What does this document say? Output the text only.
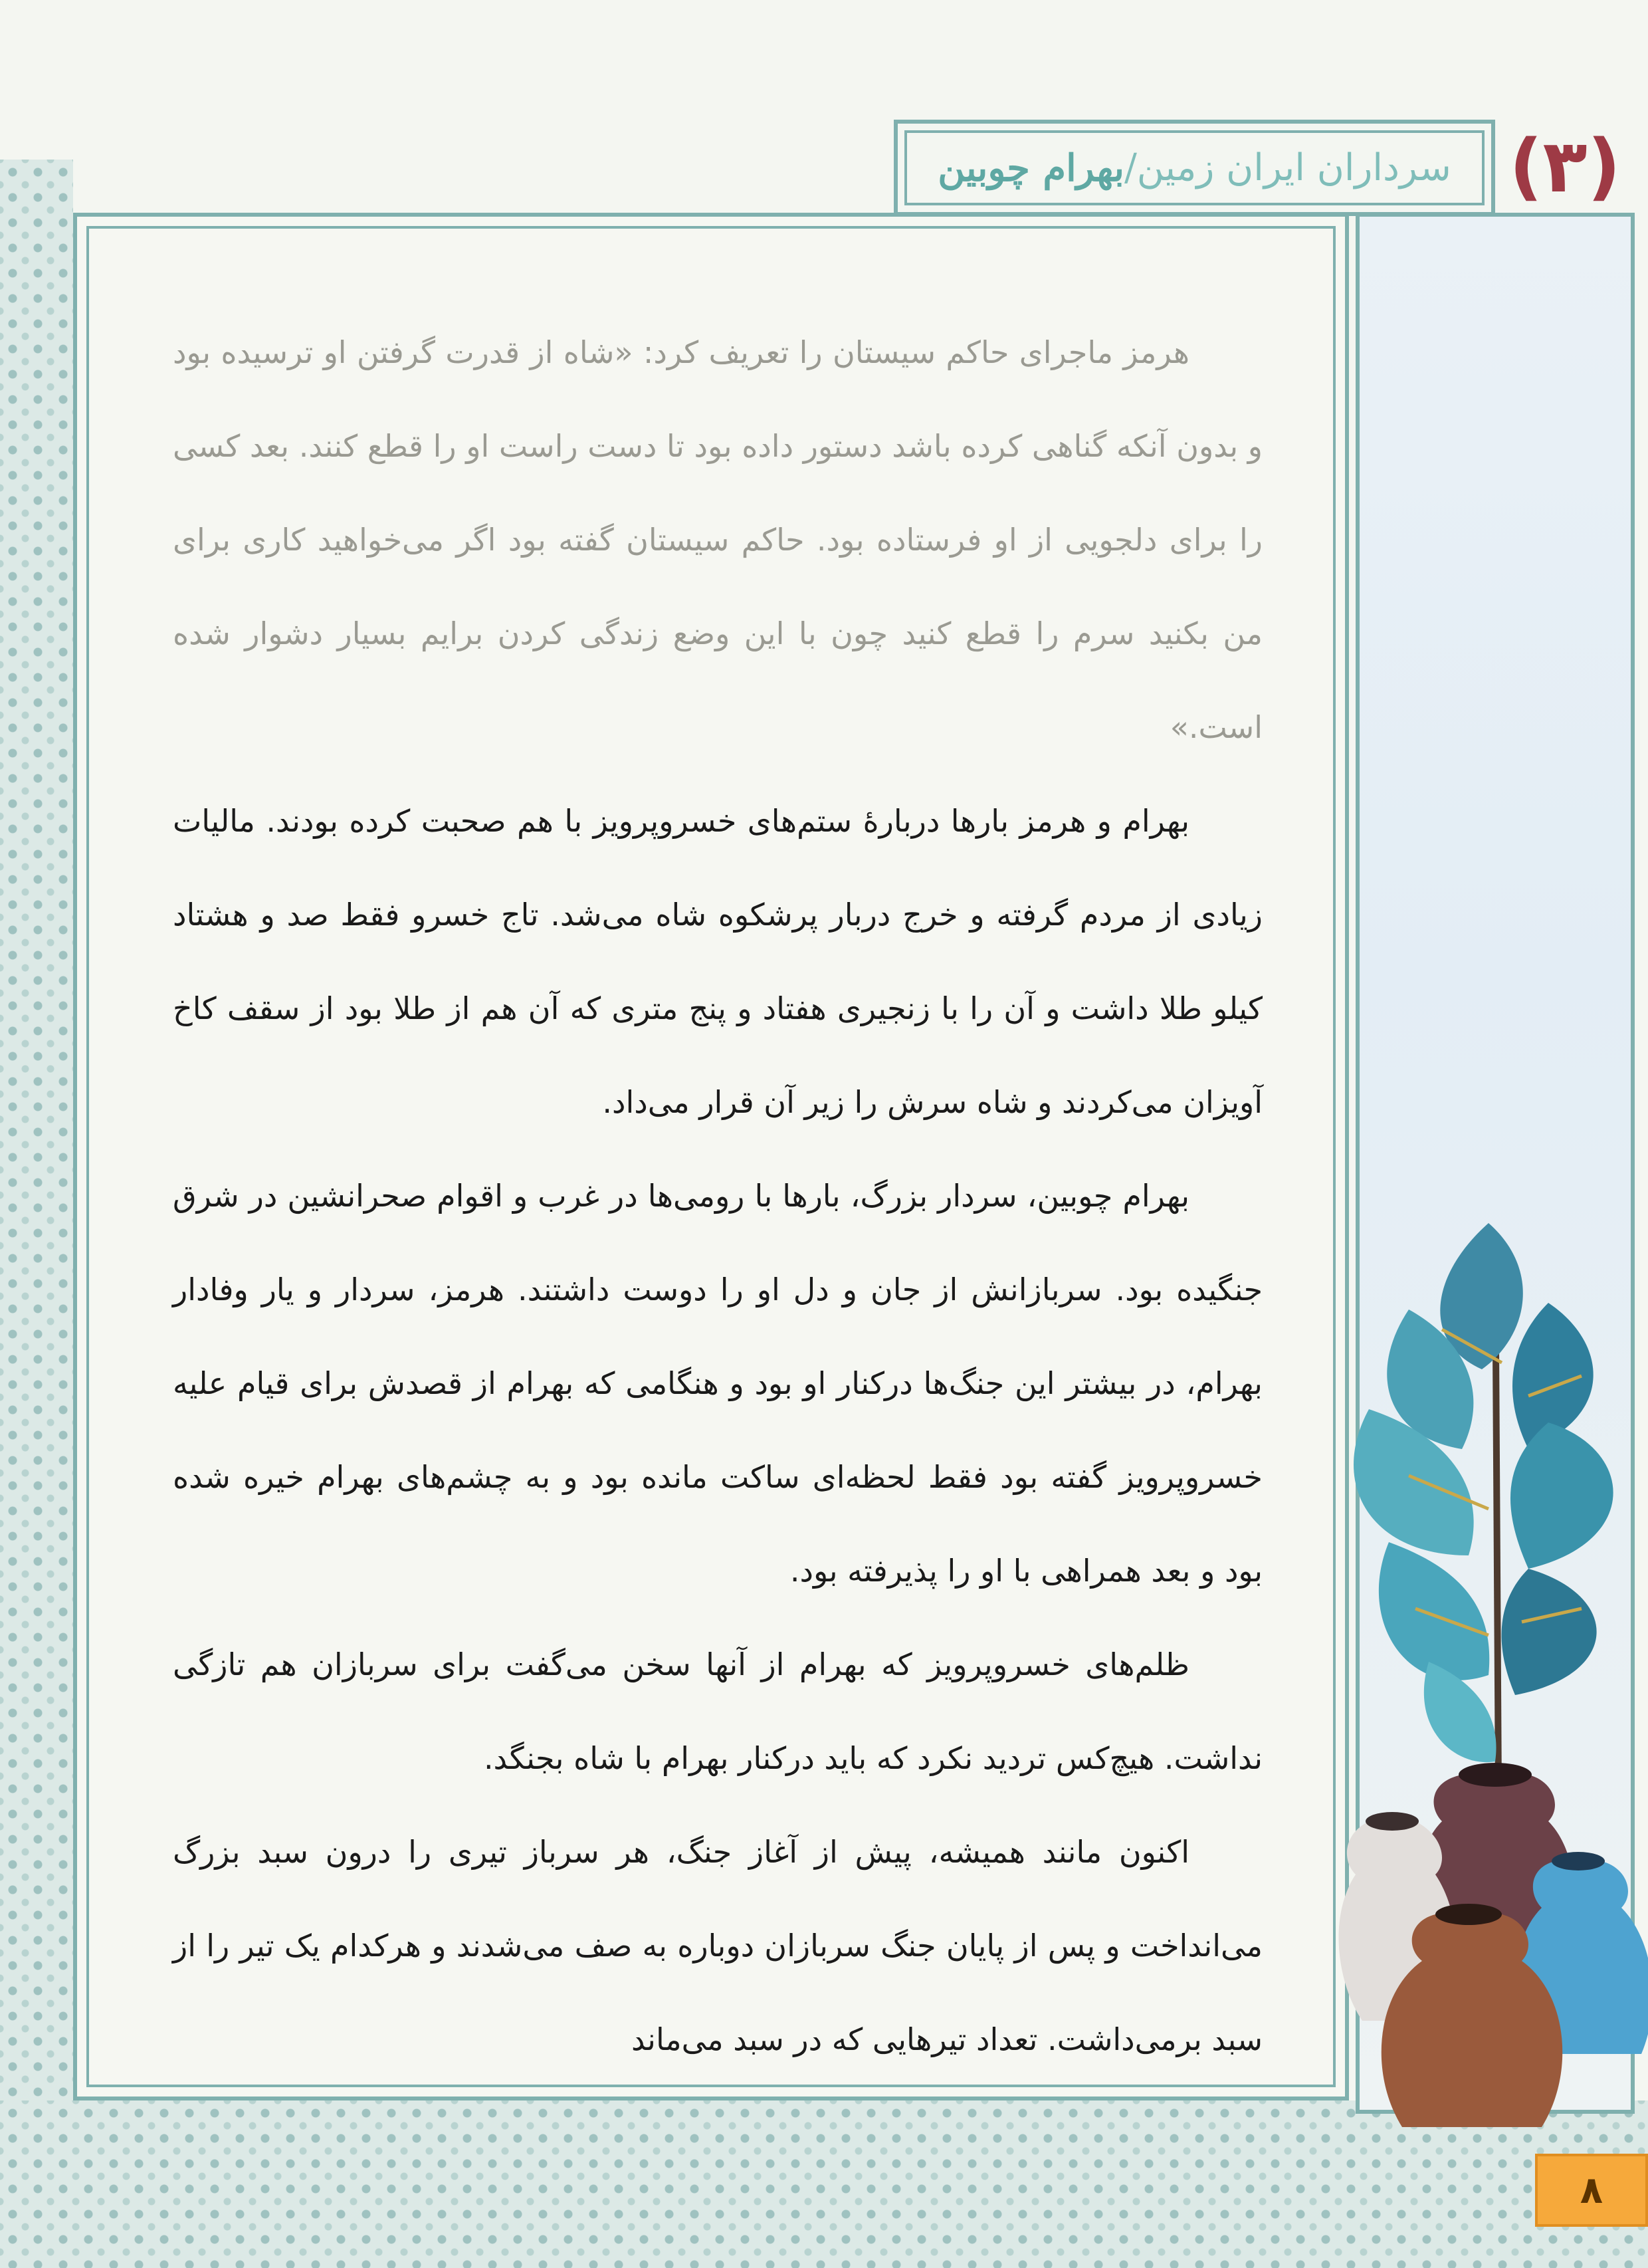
سرداران ایران زمین/
بهرام چوبین	(۳)

هرمز ماجرای حاکم سیستان را تعریف کرد: «شاه از قدرت گرفتن او ترسیده بود و بدون آنکه گناهی کرده باشد دستور داده بود تا دست راست او را قطع کنند. بعد کسی را برای دلجویی از او فرستاده بود. حاکم سیستان گفته بود اگر می‌خواهید کاری برای من بکنید سرم را قطع کنید چون با این وضع زندگی کردن برایم بسیار دشوار شده است.»

بهرام و هرمز بارها دربارهٔ ستم‌های خسروپرویز با هم صحبت کرده بودند. مالیات زیادی از مردم گرفته و خرج دربار پرشکوه شاه می‌شد. تاج خسرو فقط صد و هشتاد کیلو طلا داشت و آن را با زنجیری هفتاد و پنج متری که آن هم از طلا بود از سقف کاخ آویزان می‌کردند و شاه سرش را زیر آن قرار می‌داد.

بهرام چوبین، سردار بزرگ، بارها با رومی‌ها در غرب و اقوام صحرانشین در شرق جنگیده بود. سربازانش از جان و دل او را دوست داشتند. هرمز، سردار و یار وفادار بهرام، در بیشتر این جنگ‌ها درکنار او بود و هنگامی که بهرام از قصدش برای قیام علیه خسروپرویز گفته بود فقط لحظه‌ای ساکت مانده بود و به چشم‌های بهرام خیره شده بود و بعد همراهی با او را پذیرفته بود.

ظلم‌های خسروپرویز که بهرام از آنها سخن می‌گفت برای سربازان هم تازگی نداشت. هیچ‌کس تردید نکرد که باید درکنار بهرام با شاه بجنگد.

اکنون مانند همیشه، پیش از آغاز جنگ، هر سرباز تیری را درون سبد بزرگ می‌انداخت و پس از پایان جنگ سربازان دوباره به صف می‌شدند و هرکدام یک تیر را از سبد برمی‌داشت. تعداد تیرهایی که در سبد می‌ماند

۸
